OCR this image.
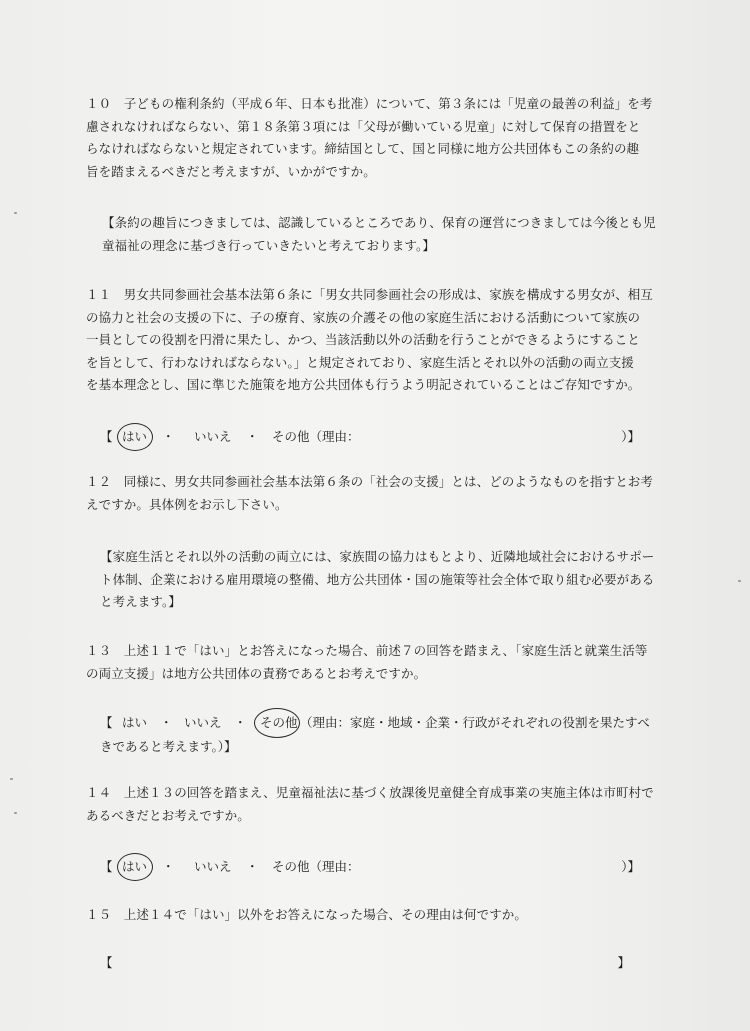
１０　子どもの権利条約（平成６年、日本も批准）について、第３条には「児童の最善の利益」を考
慮されなければならない、第１８条第３項には「父母が働いている児童」に対して保育の措置をと
らなければならないと規定されています。締結国として、国と同様に地方公共団体もこの条約の趣
旨を踏まえるべきだと考えますが、いかがですか。
【条約の趣旨につきましては、認識しているところであり、保育の運営につきましては今後とも児
童福祉の理念に基づき行っていきたいと考えております。】
１１　男女共同参画社会基本法第６条に「男女共同参画社会の形成は、家族を構成する男女が、相互
の協力と社会の支援の下に、子の療育、家族の介護その他の家庭生活における活動について家族の
一員としての役割を円滑に果たし、かつ、当該活動以外の活動を行うことができるようにすること
を旨として、行わなければならない。」と規定されており、家庭生活とそれ以外の活動の両立支援
を基本理念とし、国に準じた施策を地方公共団体も行うよう明記されていることはご存知ですか。
【 はい ・ いいえ ・ その他（理由：	）】
１２　同様に、男女共同参画社会基本法第６条の「社会の支援」とは、どのようなものを指すとお考
えですか。具体例をお示し下さい。
【家庭生活とそれ以外の活動の両立には、家族間の協力はもとより、近隣地域社会におけるサポー
ト体制、企業における雇用環境の整備、地方公共団体・国の施策等社会全体で取り組む必要がある
と考えます。】
１３　上述１１で「はい」とお答えになった場合、前述７の回答を踏まえ、「家庭生活と就業生活等
の両立支援」は地方公共団体の責務であるとお考えですか。
【 はい ・ いいえ ・ その他 （理由：家庭・地域・企業・行政がそれぞれの役割を果たすべ
きであると考えます。）】
１４　上述１３の回答を踏まえ、児童福祉法に基づく放課後児童健全育成事業の実施主体は市町村で
あるべきだとお考えですか。
【 はい ・ いいえ ・ その他（理由：	）】
１５　上述１４で「はい」以外をお答えになった場合、その理由は何ですか。
【	】
